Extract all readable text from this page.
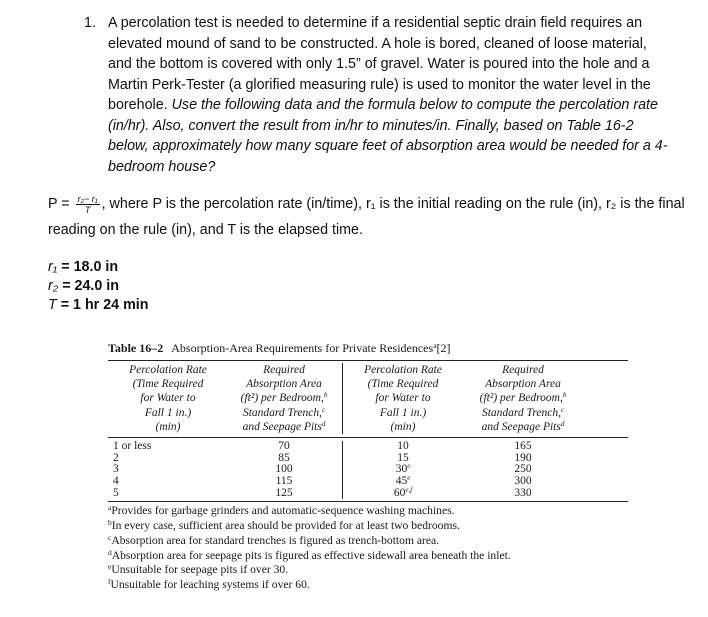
1. A percolation test is needed to determine if a residential septic drain field requires an elevated mound of sand to be constructed. A hole is bored, cleaned of loose material, and the bottom is covered with only 1.5” of gravel. Water is poured into the hole and a Martin Perk-Tester (a glorified measuring rule) is used to monitor the water level in the borehole. Use the following data and the formula below to compute the percolation rate (in/hr). Also, convert the result from in/hr to minutes/in. Finally, based on Table 16-2 below, approximately how many square feet of absorption area would be needed for a 4-bedroom house?
$P = \frac{\text{r₂− r₁}}{T}$ , where P is the percolation rate (in/time), r₁ is the initial reading on the rule (in), r₂ is the final reading on the rule (in), and T is the elapsed time.
r₁ = 18.0 in
r₂ = 24.0 in
T = 1 hr 24 min
Table 16–2 Absorption-Area Requirements for Private Residences$^a$[2]
Percolation Rate
(Time Required
for Water to
Fall 1 in.)
(min)
Required
Absorption Area
(ft²) per Bedroom,$^b$
Standard Trench,$^c$
and Seepage Pits$^d$
Percolation Rate
(Time Required
for Water to
Fall 1 in.)
(min)
Required
Absorption Area
(ft²) per Bedroom,$^b$
Standard Trench,$^c$
and Seepage Pits$^d$
1 or less
2
3
4
5
70
85
100
115
125
10
15
30e
45e
60$^{e,f}$
165
190
250
300
330
$^a$Provides for garbage grinders and automatic-sequence washing machines.
$^b$In every case, sufficient area should be provided for at least two bedrooms.
$^c$Absorption area for standard trenches is figured as trench-bottom area.
$^d$Absorption area for seepage pits is figured as effective sidewall area beneath the inlet.
$^e$Unsuitable for seepage pits if over 30.
$^f$Unsuitable for leaching systems if over 60.
